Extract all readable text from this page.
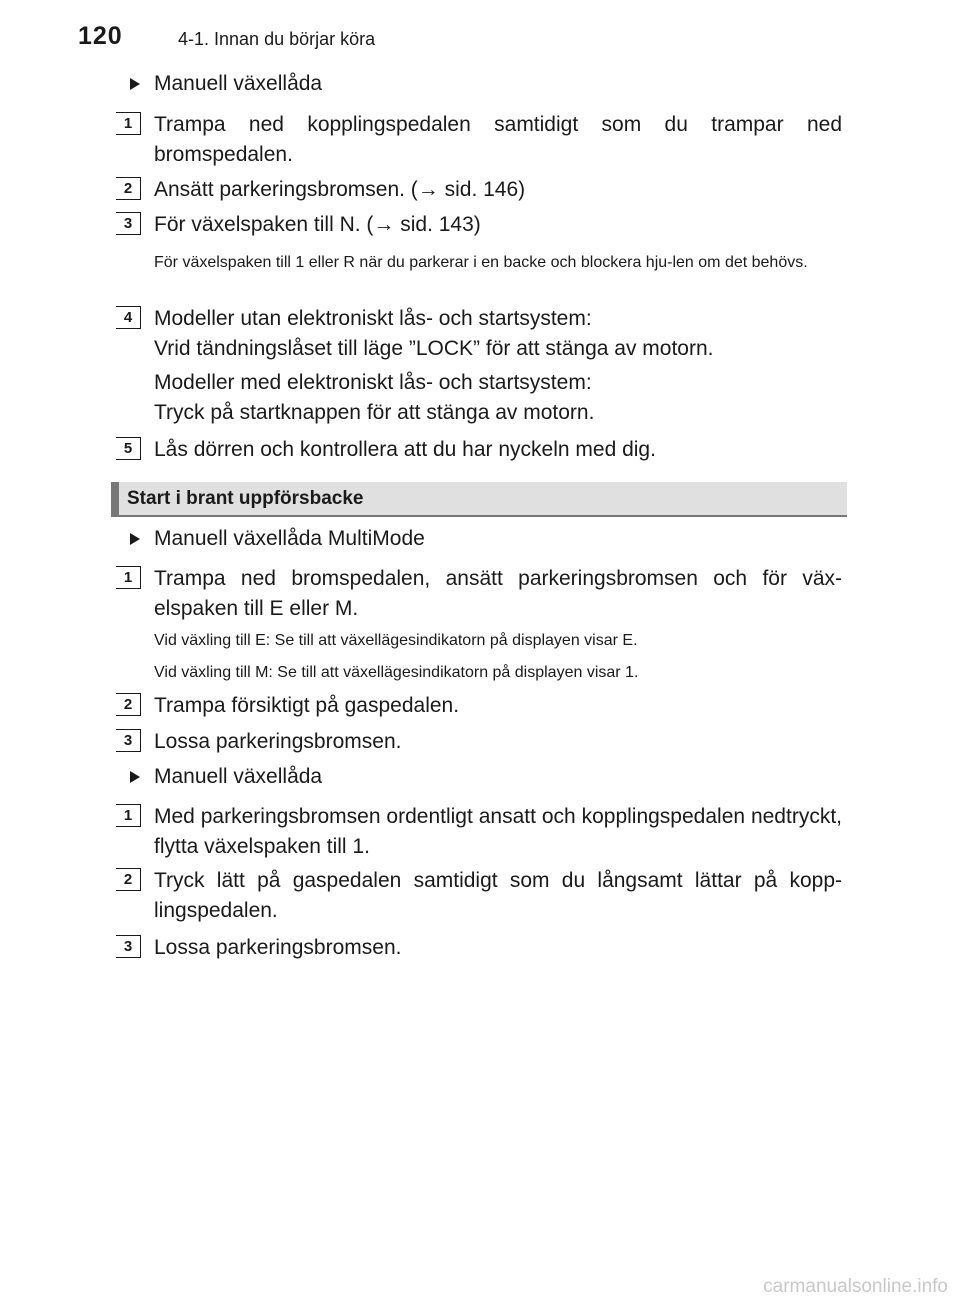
120	4-1. Innan du börjar köra
Manuell växellåda
1	Trampa ned kopplingspedalen samtidigt som du trampar ned bromspedalen.
2	Ansätt parkeringsbromsen. (→ sid. 146)
3	För växelspaken till N. (→ sid. 143)
För växelspaken till 1 eller R när du parkerar i en backe och blockera hju-len om det behövs.
4	Modeller utan elektroniskt lås- och startsystem:
Vrid tändningslåset till läge ”LOCK” för att stänga av motorn.
Modeller med elektroniskt lås- och startsystem:
Tryck på startknappen för att stänga av motorn.
5	Lås dörren och kontrollera att du har nyckeln med dig.
Start i brant uppförsbacke
Manuell växellåda MultiMode
1	Trampa ned bromspedalen, ansätt parkeringsbromsen och för väx-elspaken till E eller M.
Vid växling till E: Se till att växellägesindikatorn på displayen visar E.
Vid växling till M: Se till att växellägesindikatorn på displayen visar 1.
2	Trampa försiktigt på gaspedalen.
3	Lossa parkeringsbromsen.
Manuell växellåda
1	Med parkeringsbromsen ordentligt ansatt och kopplingspedalen nedtryckt, flytta växelspaken till 1.
2	Tryck lätt på gaspedalen samtidigt som du långsamt lättar på kopp-lingspedalen.
3	Lossa parkeringsbromsen.
carmanualsonline.info
